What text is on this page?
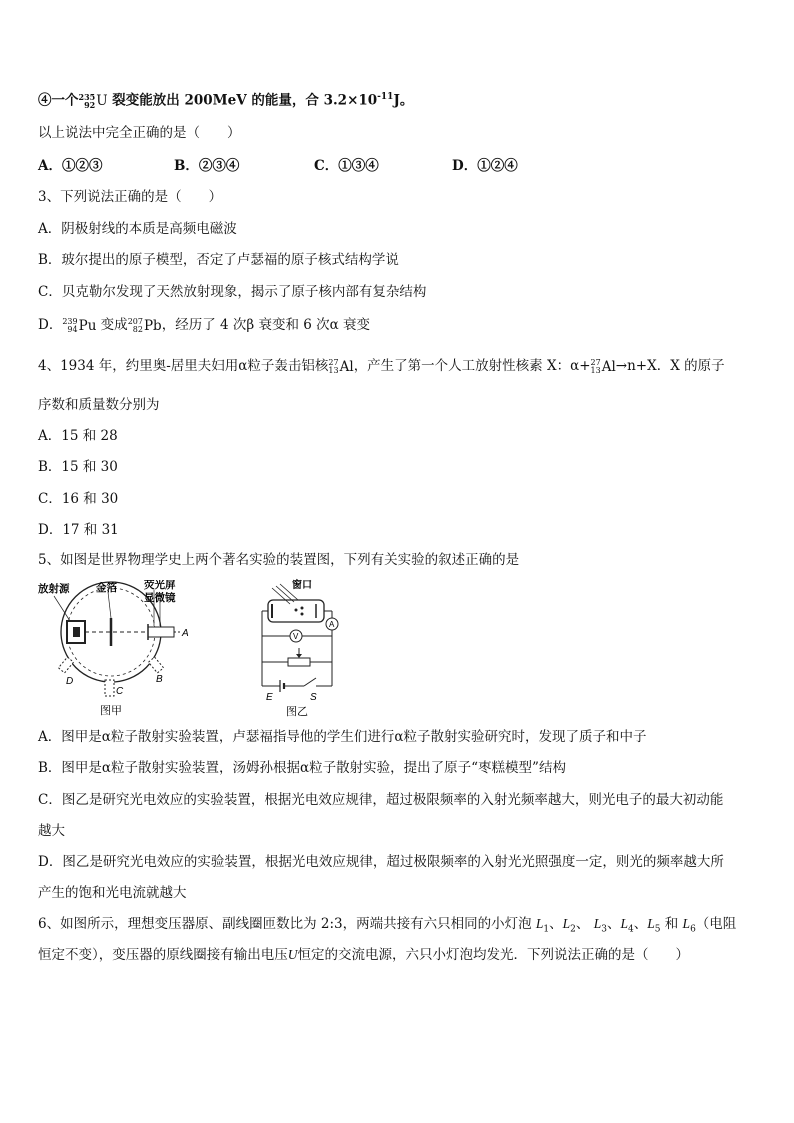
④一个 235
92 U 裂变能放出 200MeV 的能量，合 $3.2\times 10^{-11}J$。
以上说法中完全正确的是（　　）
A．①②③	B．②③④	C．①③④	D．①②④
3、下列说法正确的是（　　）
A．阴极射线的本质是高频电磁波
B．玻尔提出的原子模型，否定了卢瑟福的原子核式结构学说
C．贝克勒尔发现了天然放射现象，揭示了原子核内部有复杂结构
D． 239
94 Pu 变成 207
82 Pb ，经历了 4 次β 衰变和 6 次α 衰变
4、1934 年，约里奥-居里夫妇用α粒子轰击铝核 27
13 Al ，产生了第一个人工放射性核素 X：α+ 27
13 Al →n+X．X 的原子
序数和质量数分别为
A．15 和 28
B．15 和 30
C．16 和 30
D．17 和 31
5、如图是世界物理学史上两个著名实验的装置图，下列有关实验的叙述正确的是
放射源	金箔	荧光屏
显微镜
A
B
C
D
图甲
A
V
窗口
E	S
图乙
A．图甲是α粒子散射实验装置，卢瑟福指导他的学生们进行α粒子散射实验研究时，发现了质子和中子
B．图甲是α粒子散射实验装置，汤姆孙根据α粒子散射实验，提出了原子“枣糕模型”结构
C．图乙是研究光电效应的实验装置，根据光电效应规律，超过极限频率的入射光频率越大，则光电子的最大初动能
越大
D．图乙是研究光电效应的实验装置，根据光电效应规律，超过极限频率的入射光光照强度一定，则光的频率越大所
产生的饱和光电流就越大
6、如图所示，理想变压器原、副线圈匝数比为 2:3，两端共接有六只相同的小灯泡 $L_1$、$L_2$、 $L_3$、$L_4$、$L_5$ 和 $L_6$（电阻
恒定不变），变压器的原线圈接有输出电压U恒定的交流电源，六只小灯泡均发光．下列说法正确的是（　　）
